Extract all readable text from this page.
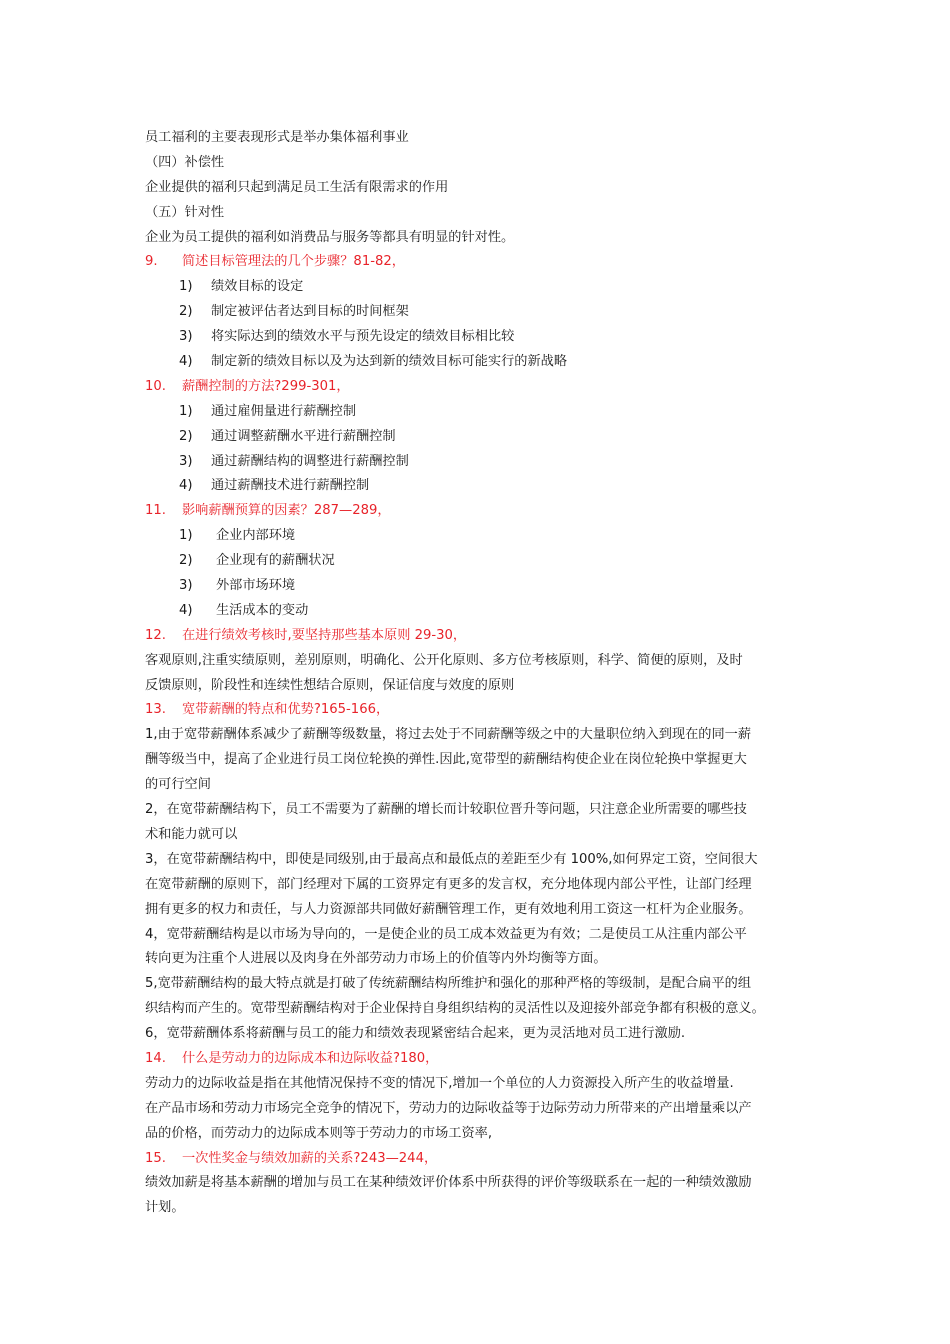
员工福利的主要表现形式是举办集体福利事业
（四）补偿性
企业提供的福利只起到满足员工生活有限需求的作用
（五）针对性
企业为员工提供的福利如消费品与服务等都具有明显的针对性。
9. 简述目标管理法的几个步骤？81-82，
1) 绩效目标的设定
2) 制定被评估者达到目标的时间框架
3) 将实际达到的绩效水平与预先设定的绩效目标相比较
4) 制定新的绩效目标以及为达到新的绩效目标可能实行的新战略
10. 薪酬控制的方法?299-301，
1) 通过雇佣量进行薪酬控制
2) 通过调整薪酬水平进行薪酬控制
3) 通过薪酬结构的调整进行薪酬控制
4) 通过薪酬技术进行薪酬控制
11. 影响薪酬预算的因素？287—289，
1) 企业内部环境
2) 企业现有的薪酬状况
3) 外部市场环境
4) 生活成本的变动
12. 在进行绩效考核时,要坚持那些基本原则 29-30，
客观原则,注重实绩原则，差别原则，明确化、公开化原则、多方位考核原则，科学、简便的原则，及时
反馈原则，阶段性和连续性想结合原则，保证信度与效度的原则
13. 宽带薪酬的特点和优势?165-166，
1,由于宽带薪酬体系减少了薪酬等级数量，将过去处于不同薪酬等级之中的大量职位纳入到现在的同一薪
酬等级当中，提高了企业进行员工岗位轮换的弹性.因此,宽带型的薪酬结构使企业在岗位轮换中掌握更大
的可行空间
2，在宽带薪酬结构下，员工不需要为了薪酬的增长而计较职位晋升等问题，只注意企业所需要的哪些技
术和能力就可以
3，在宽带薪酬结构中，即使是同级别,由于最高点和最低点的差距至少有 100%,如何界定工资，空间很大
在宽带薪酬的原则下，部门经理对下属的工资界定有更多的发言权，充分地体现内部公平性，让部门经理
拥有更多的权力和责任，与人力资源部共同做好薪酬管理工作，更有效地利用工资这一杠杆为企业服务。
4，宽带薪酬结构是以市场为导向的，一是使企业的员工成本效益更为有效；二是使员工从注重内部公平
转向更为注重个人进展以及肉身在外部劳动力市场上的价值等内外均衡等方面。
5,宽带薪酬结构的最大特点就是打破了传统薪酬结构所维护和强化的那种严格的等级制，是配合扁平的组
织结构而产生的。宽带型薪酬结构对于企业保持自身组织结构的灵活性以及迎接外部竞争都有积极的意义。
6，宽带薪酬体系将薪酬与员工的能力和绩效表现紧密结合起来，更为灵活地对员工进行激励.
14. 什么是劳动力的边际成本和边际收益?180，
劳动力的边际收益是指在其他情况保持不变的情况下,增加一个单位的人力资源投入所产生的收益增量.
在产品市场和劳动力市场完全竞争的情况下，劳动力的边际收益等于边际劳动力所带来的产出增量乘以产
品的价格，而劳动力的边际成本则等于劳动力的市场工资率,
15. 一次性奖金与绩效加薪的关系?243—244，
绩效加薪是将基本薪酬的增加与员工在某种绩效评价体系中所获得的评价等级联系在一起的一种绩效激励
计划。
